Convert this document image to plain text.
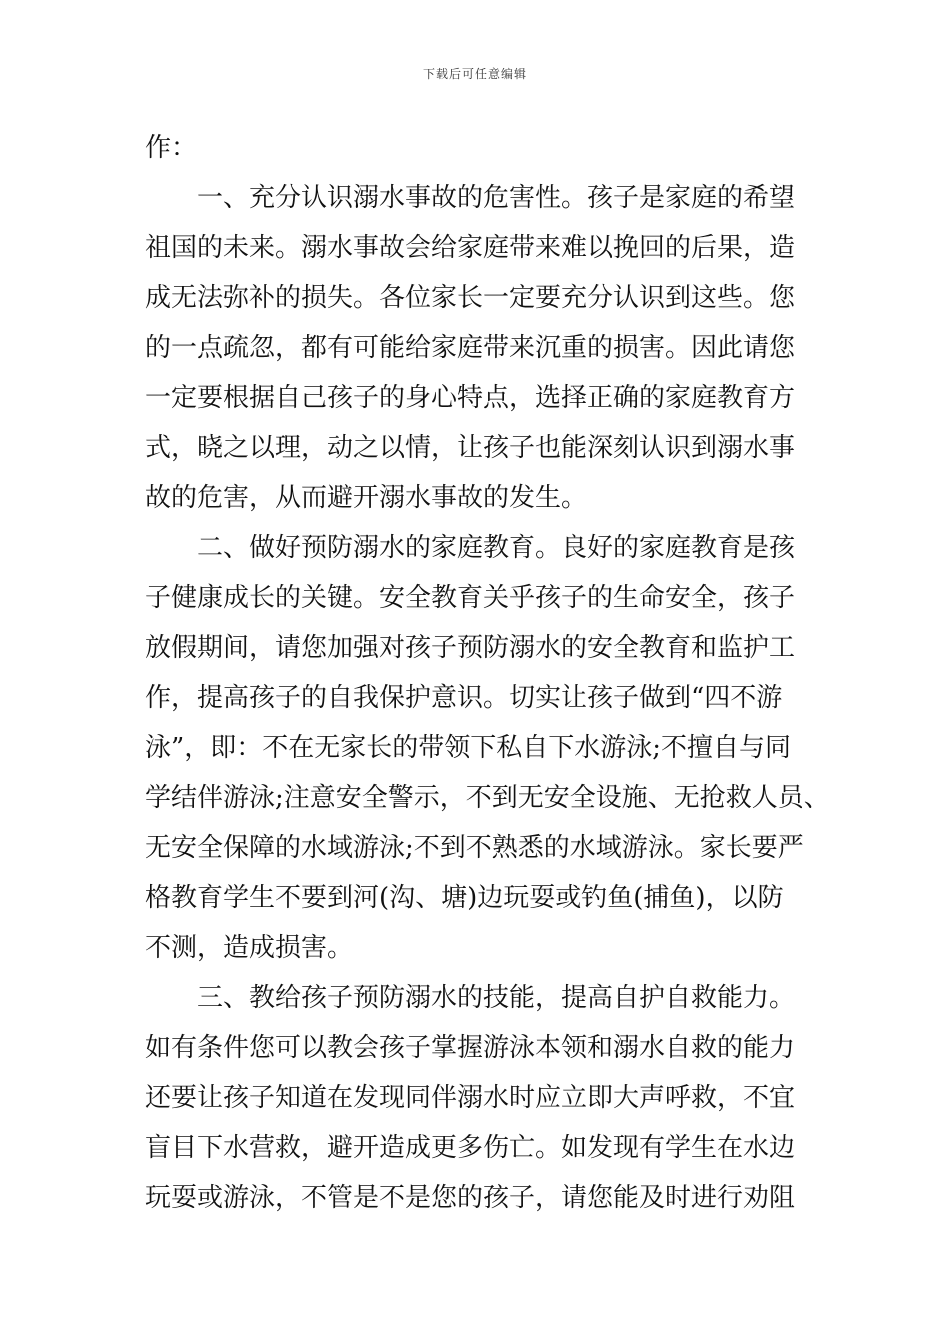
下载后可任意编辑
作：
　　一、充分认识溺水事故的危害性。孩子是家庭的希望
祖国的未来。溺水事故会给家庭带来难以挽回的后果，造
成无法弥补的损失。各位家长一定要充分认识到这些。您
的一点疏忽，都有可能给家庭带来沉重的损害。因此请您
一定要根据自己孩子的身心特点，选择正确的家庭教育方
式，晓之以理，动之以情，让孩子也能深刻认识到溺水事
故的危害，从而避开溺水事故的发生。
　　二、做好预防溺水的家庭教育。良好的家庭教育是孩
子健康成长的关键。安全教育关乎孩子的生命安全，孩子
放假期间，请您加强对孩子预防溺水的安全教育和监护工
作，提高孩子的自我保护意识。切实让孩子做到“四不游
泳”，即：不在无家长的带领下私自下水游泳;不擅自与同
学结伴游泳;注意安全警示，不到无安全设施、无抢救人员、
无安全保障的水域游泳;不到不熟悉的水域游泳。家长要严
格教育学生不要到河(沟、塘)边玩耍或钓鱼(捕鱼)，以防
不测，造成损害。
　　三、教给孩子预防溺水的技能，提高自护自救能力。
如有条件您可以教会孩子掌握游泳本领和溺水自救的能力
还要让孩子知道在发现同伴溺水时应立即大声呼救，不宜
盲目下水营救，避开造成更多伤亡。如发现有学生在水边
玩耍或游泳，不管是不是您的孩子，请您能及时进行劝阻
